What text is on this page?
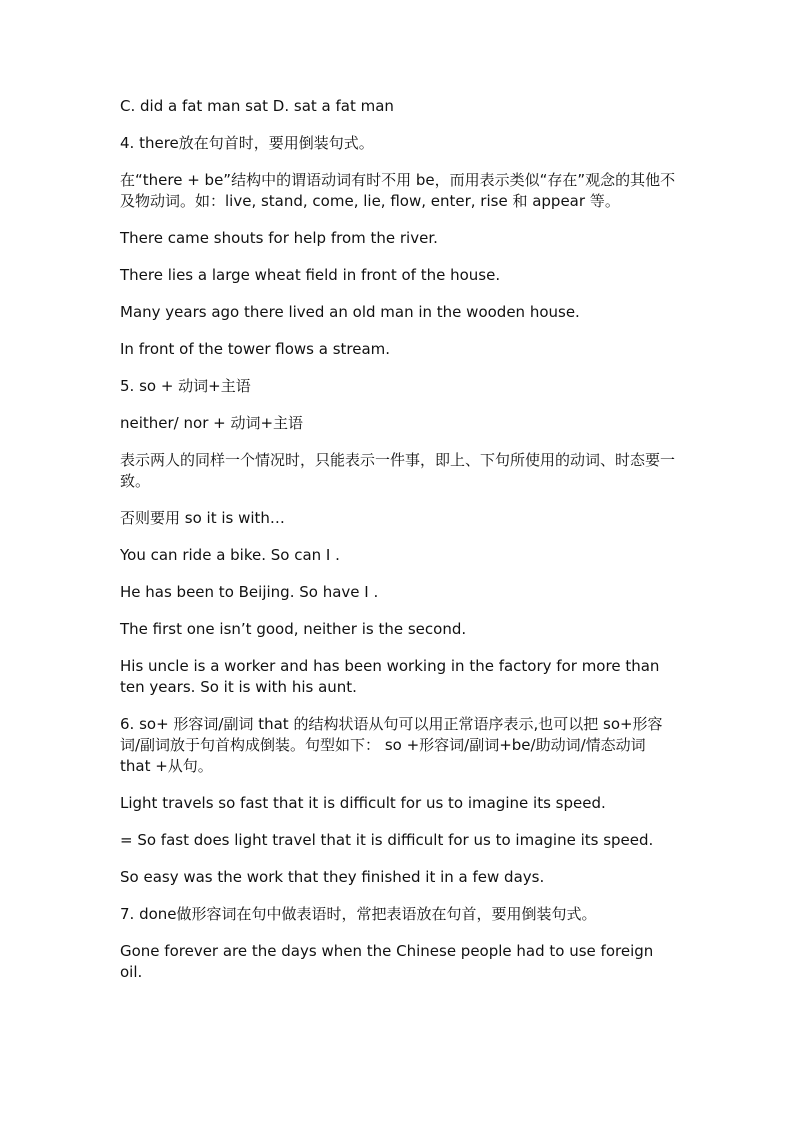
C. did a fat man sat D. sat a fat man

4. there放在句首时，要用倒装句式。

在“there + be”结构中的谓语动词有时不用 be，而用表示类似“存在”观念的其他不及物动词。如：live, stand, come, lie, flow, enter, rise 和 appear 等。

There came shouts for help from the river.

There lies a large wheat field in front of the house.

Many years ago there lived an old man in the wooden house.

In front of the tower flows a stream.

5. so + 动词+主语

neither/ nor + 动词+主语

表示两人的同样一个情况时，只能表示一件事，即上、下句所使用的动词、时态要一致。

否则要用 so it is with…

You can ride a bike. So can I .

He has been to Beijing. So have I .

The first one isn’t good, neither is the second.

His uncle is a worker and has been working in the factory for more than ten years. So it is with his aunt.

6. so+ 形容词/副词 that 的结构状语从句可以用正常语序表示,也可以把 so+形容词/副词放于句首构成倒装。句型如下： so +形容词/副词+be/助动词/情态动词 that +从句。

Light travels so fast that it is difficult for us to imagine its speed.

= So fast does light travel that it is difficult for us to imagine its speed.

So easy was the work that they finished it in a few days.

7. done做形容词在句中做表语时，常把表语放在句首，要用倒装句式。

Gone forever are the days when the Chinese people had to use foreign oil.
